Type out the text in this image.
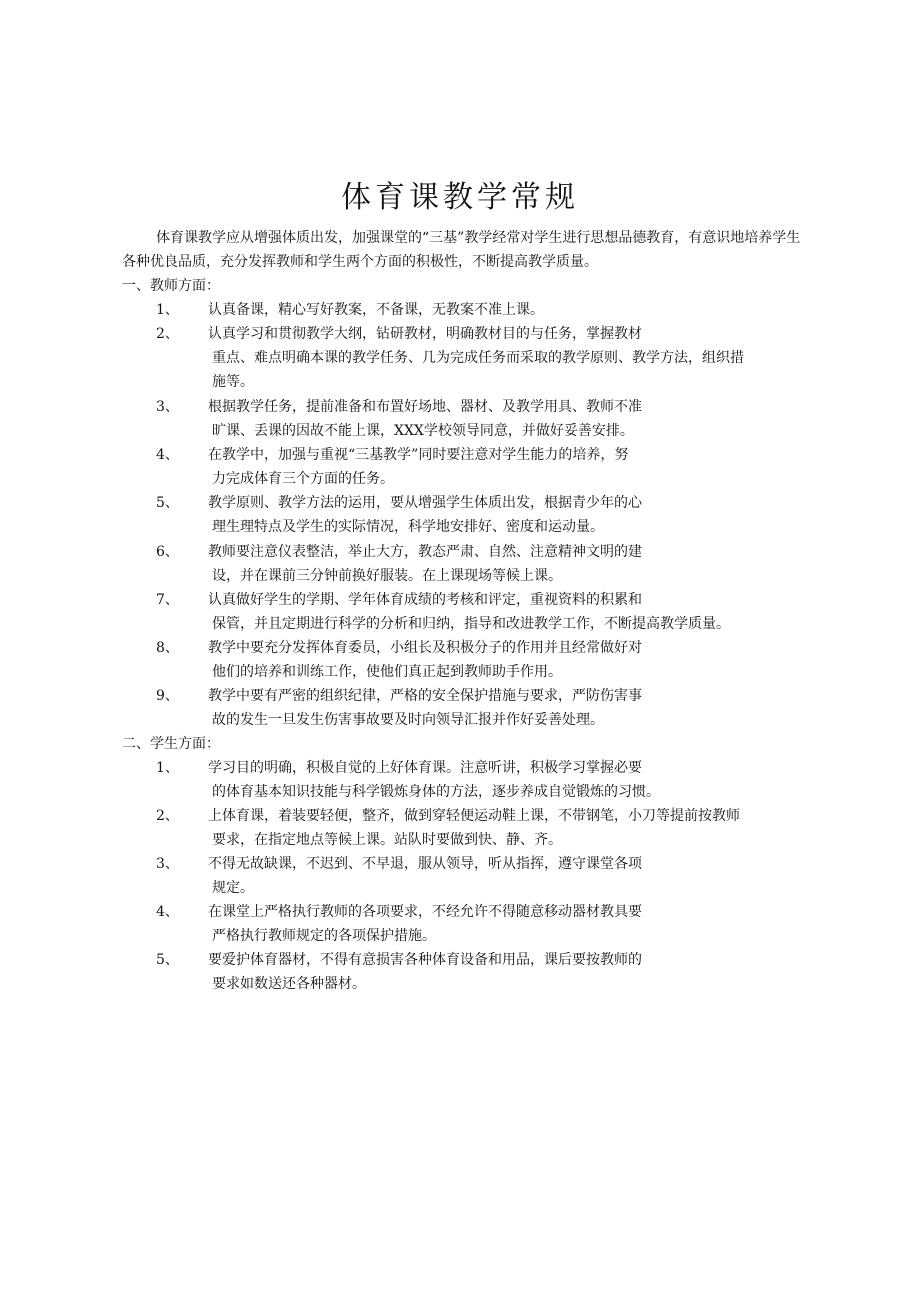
体育课教学常规
体育课教学应从增强体质出发，加强课堂的“三基”教学经常对学生进行思想品德教育，有意识地培养学生各种优良品质，充分发挥教师和学生两个方面的积极性，不断提高教学质量。
一、教师方面：
1、 认真备课，精心写好教案，不备课，无教案不准上课。
2、 认真学习和贯彻教学大纲，钻研教材，明确教材目的与任务，掌握教材
重点、难点明确本课的教学任务、几为完成任务而采取的教学原则、教学方法，组织措
施等。
3、 根据教学任务，提前准备和布置好场地、器材、及教学用具、教师不准
旷课、丢课的因故不能上课，XXX学校领导同意，并做好妥善安排。
4、 在教学中，加强与重视“三基教学”同时要注意对学生能力的培养，努
力完成体育三个方面的任务。
5、 教学原则、教学方法的运用，要从增强学生体质出发，根据青少年的心
理生理特点及学生的实际情况，科学地安排好、密度和运动量。
6、 教师要注意仪表整洁，举止大方，教态严肃、自然、注意精神文明的建
设，并在课前三分钟前换好服装。在上课现场等候上课。
7、 认真做好学生的学期、学年体育成绩的考核和评定，重视资料的积累和
保管，并且定期进行科学的分析和归纳，指导和改进教学工作，不断提高教学质量。
8、 教学中要充分发挥体育委员，小组长及积极分子的作用并且经常做好对
他们的培养和训练工作，使他们真正起到教师助手作用。
9、 教学中要有严密的组织纪律，严格的安全保护措施与要求，严防伤害事
故的发生一旦发生伤害事故要及时向领导汇报并作好妥善处理。
二、学生方面：
1、 学习目的明确，积极自觉的上好体育课。注意听讲，积极学习掌握必要
的体育基本知识技能与科学锻炼身体的方法，逐步养成自觉锻炼的习惯。
2、 上体育课，着装要轻便，整齐，做到穿轻便运动鞋上课，不带钢笔，小刀等提前按教师
要求，在指定地点等候上课。站队时要做到快、静、齐。
3、 不得无故缺课，不迟到、不早退，服从领导，听从指挥，遵守课堂各项
规定。
4、 在课堂上严格执行教师的各项要求，不经允许不得随意移动器材教具要
严格执行教师规定的各项保护措施。
5、 要爱护体育器材，不得有意损害各种体育设备和用品，课后要按教师的
要求如数送还各种器材。
